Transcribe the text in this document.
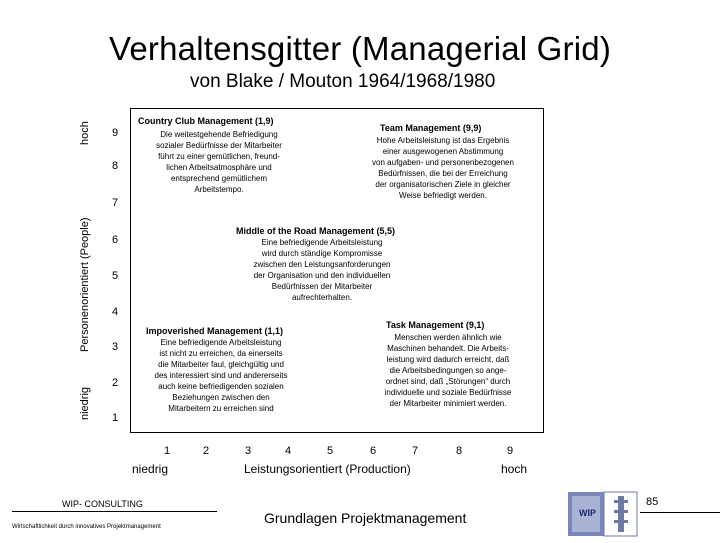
Verhaltensgitter (Managerial Grid)
von Blake / Mouton 1964/1968/1980
hoch
Personenorientiert (People)
niedrig
9
8
7
6
5
4
3
2
1
Country Club Management (1,9)
Die weitestgehende Befriedigung
sozialer Bedürfnisse der Mitarbeiter
führt zu einer gemütlichen, freund-
lichen Arbeitsatmosphäre und
entsprechend gemütlichem
Arbeitstempo.
Team Management (9,9)
Hohe Arbeitsleistung ist das Ergebnis
einer ausgewogenen Abstimmung
von aufgaben- und personenbezogenen
Bedürfnissen, die bei der Erreichung
der organisatorischen Ziele in gleicher
Weise befriedigt werden.
Middle of the Road Management (5,5)
Eine befriedigende Arbeitsleistung
wird durch ständige Kompromisse
zwischen den Leistungsanforderungen
der Organisation und den individuellen
Bedürfnissen der Mitarbeiter
aufrechterhalten.
Impoverished Management (1,1)
Eine befriedigende Arbeitsleistung
ist nicht zu erreichen, da einerseits
die Mitarbeiter faul, gleichgültig und
des interessiert sind und andererseits
auch keine befriedigenden sozialen
Beziehungen zwischen den
Mitarbeitern zu erreichen sind
Task Management (9,1)
Menschen werden ähnlich wie
Maschinen behandelt. Die Arbeits-
leistung wird dadurch erreicht, daß
die Arbeitsbedingungen so ange-
ordnet sind, daß „Störungen“ durch
individuelle und soziale Bedürfnisse
der Mitarbeiter minimiert werden.
1	2	3	4	5	6	7	8	9
niedrig	Leistungsorientiert (Production)	hoch
WIP- CONSULTING
Wirtschaftlichkeit durch innovatives Projektmanagement
Grundlagen Projektmanagement	WIP
85
